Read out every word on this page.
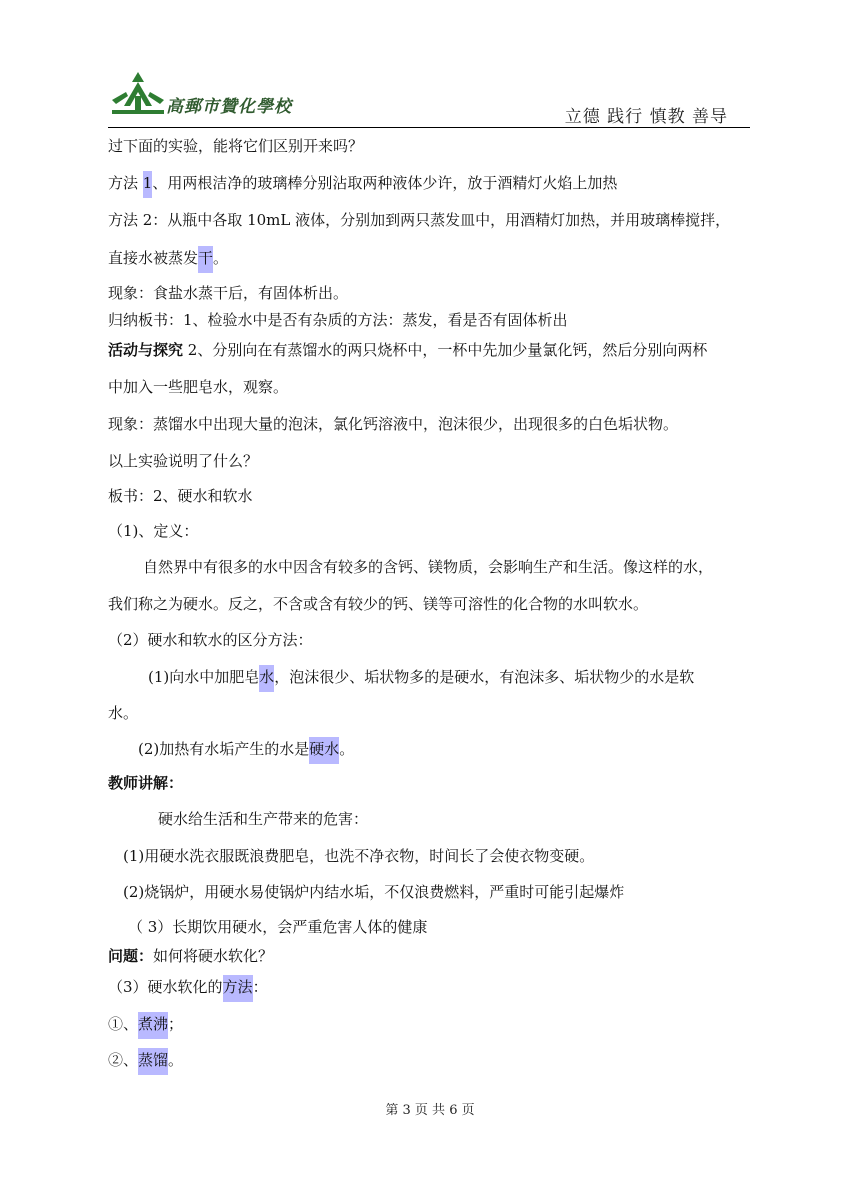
高郵市贊化學校	立德 践行 慎教 善导
过下面的实验，能将它们区别开来吗？
方法 1、用两根洁净的玻璃棒分别沾取两种液体少许，放于酒精灯火焰上加热
方法 2：从瓶中各取 10mL 液体，分别加到两只蒸发皿中，用酒精灯加热，并用玻璃棒搅拌，
直接水被蒸发干。
现象：食盐水蒸干后，有固体析出。
归纳板书：1、检验水中是否有杂质的方法：蒸发，看是否有固体析出
活动与探究 2、分别向在有蒸馏水的两只烧杯中，一杯中先加少量氯化钙，然后分别向两杯
中加入一些肥皂水，观察。
现象：蒸馏水中出现大量的泡沫，氯化钙溶液中，泡沫很少，出现很多的白色垢状物。
以上实验说明了什么？
板书：2、硬水和软水
（1)、定义：
自然界中有很多的水中因含有较多的含钙、镁物质，会影响生产和生活。像这样的水，
我们称之为硬水。反之，不含或含有较少的钙、镁等可溶性的化合物的水叫软水。
（2）硬水和软水的区分方法：
(1)向水中加肥皂水，泡沫很少、垢状物多的是硬水，有泡沫多、垢状物少的水是软
水。
(2)加热有水垢产生的水是硬水。
教师讲解：
硬水给生活和生产带来的危害：
(1)用硬水洗衣服既浪费肥皂，也洗不净衣物，时间长了会使衣物变硬。
(2)烧锅炉，用硬水易使锅炉内结水垢，不仅浪费燃料，严重时可能引起爆炸
（ 3）长期饮用硬水，会严重危害人体的健康
问题：如何将硬水软化？
（3）硬水软化的方法：
①、煮沸；
②、蒸馏。
第 3 页 共 6 页
